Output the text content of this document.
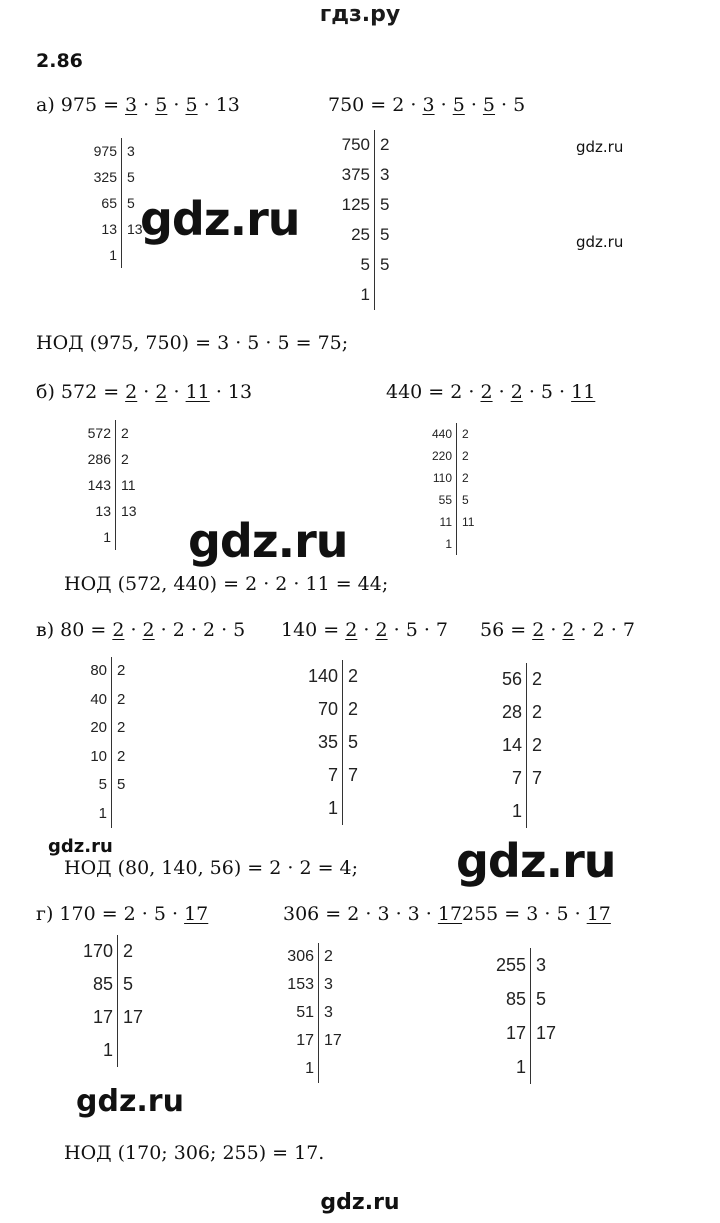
гдз.ру
2.86
а) 975 = 3 · 5 · 5 · 13	750 = 2 · 3 · 5 · 5 · 5
975 3
325 5
65 5
13 13
1
750 2
375 3
125 5
25 5
5 5
1
НОД (975, 750) = 3 · 5 · 5 = 75;
б) 572 = 2 · 2 · 11 · 13	440 = 2 · 2 · 2 · 5 · 11
572 2
286 2
143 11
13 13
1
440 2
220 2
110 2
55 5
11 11
1
НОД (572, 440) = 2 · 2 · 11 = 44;
в) 80 = 2 · 2 · 2 · 2 · 5 140 = 2 · 2 · 5 · 7 56 = 2 · 2 · 2 · 7
80 2
40 2
20 2
10 2
5 5
1
140 2
70 2
35 5
7 7
1
56 2
28 2
14 2
7 7
1
НОД (80, 140, 56) = 2 · 2 = 4;
г) 170 = 2 · 5 · 17	306 = 2 · 3 · 3 · 17 255 = 3 · 5 · 17
170 2
85 5
17 17
1
306 2
153 3
51 3
17 17
1
255 3
85 5
17 17
1
НОД (170; 306; 255) = 17.
gdz.ru
gdz.ru
gdz.ru
gdz.ru
gdz.ru	gdz.ru
gdz.ru
gdz.ru
